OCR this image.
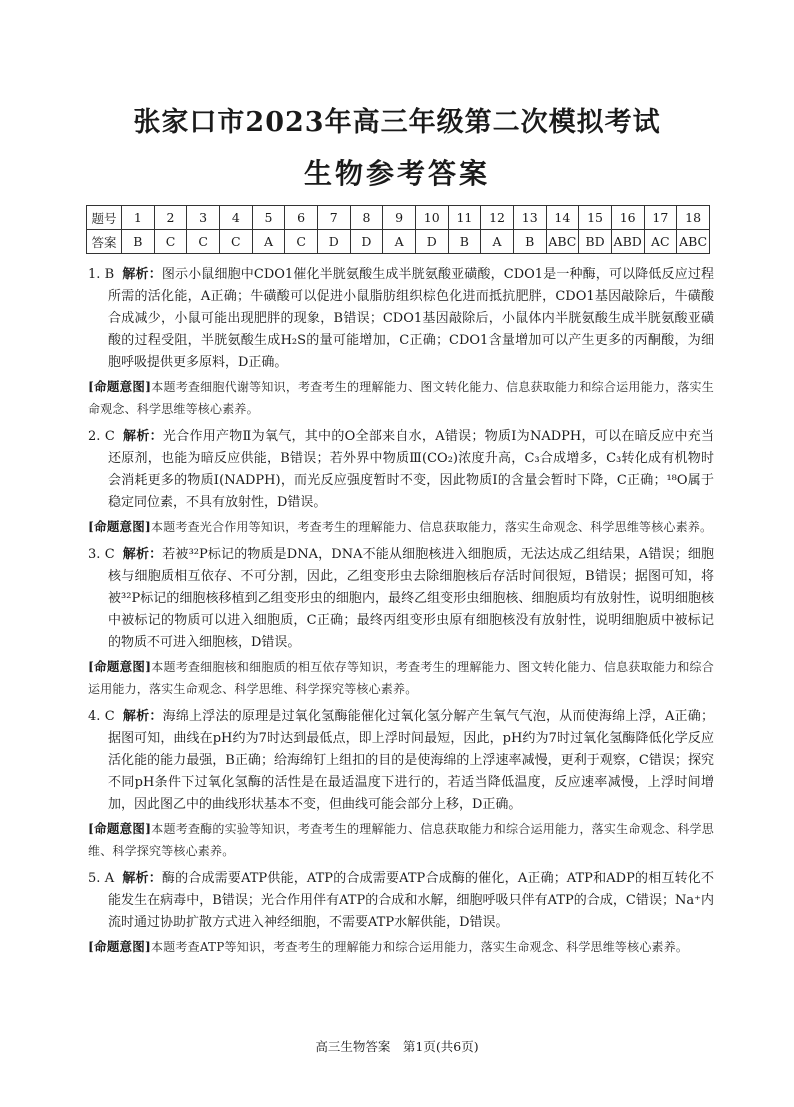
张家口市2023年高三年级第二次模拟考试
生物参考答案
题号	1	2	3	4	5	6	7	8	9	10	11	12	13	14	15	16	17	18
答案	B	C	C	C	A	C	D	D	A	D	B	A	B	ABC	BD	ABD	AC	ABC
1. B 解析：图示小鼠细胞中CDO1催化半胱氨酸生成半胱氨酸亚磺酸，CDO1是一种酶，可以降低反应过程所需的活化能，A正确；牛磺酸可以促进小鼠脂肪组织棕色化进而抵抗肥胖，CDO1基因敲除后，牛磺酸合成减少，小鼠可能出现肥胖的现象，B错误；CDO1基因敲除后，小鼠体内半胱氨酸生成半胱氨酸亚磺酸的过程受阻，半胱氨酸生成H₂S的量可能增加，C正确；CDO1含量增加可以产生更多的丙酮酸，为细胞呼吸提供更多原料，D正确。
[命题意图]本题考查细胞代谢等知识，考查考生的理解能力、图文转化能力、信息获取能力和综合运用能力，落实生命观念、科学思维等核心素养。
2. C 解析：光合作用产物Ⅱ为氧气，其中的O全部来自水，A错误；物质Ⅰ为NADPH，可以在暗反应中充当还原剂，也能为暗反应供能，B错误；若外界中物质Ⅲ(CO₂)浓度升高，C₃合成增多，C₃转化成有机物时会消耗更多的物质Ⅰ(NADPH)，而光反应强度暂时不变，因此物质Ⅰ的含量会暂时下降，C正确；¹⁸O属于稳定同位素，不具有放射性，D错误。
[命题意图]本题考查光合作用等知识，考查考生的理解能力、信息获取能力，落实生命观念、科学思维等核心素养。
3. C 解析：若被³²P标记的物质是DNA，DNA不能从细胞核进入细胞质，无法达成乙组结果，A错误；细胞核与细胞质相互依存、不可分割，因此，乙组变形虫去除细胞核后存活时间很短，B错误；据图可知，将被³²P标记的细胞核移植到乙组变形虫的细胞内，最终乙组变形虫细胞核、细胞质均有放射性，说明细胞核中被标记的物质可以进入细胞质，C正确；最终丙组变形虫原有细胞核没有放射性，说明细胞质中被标记的物质不可进入细胞核，D错误。
[命题意图]本题考查细胞核和细胞质的相互依存等知识，考查考生的理解能力、图文转化能力、信息获取能力和综合运用能力，落实生命观念、科学思维、科学探究等核心素养。
4. C 解析：海绵上浮法的原理是过氧化氢酶能催化过氧化氢分解产生氧气气泡，从而使海绵上浮，A正确；据图可知，曲线在pH约为7时达到最低点，即上浮时间最短，因此，pH约为7时过氧化氢酶降低化学反应活化能的能力最强，B正确；给海绵钉上组扣的目的是使海绵的上浮速率减慢，更利于观察，C错误；探究不同pH条件下过氧化氢酶的活性是在最适温度下进行的，若适当降低温度，反应速率减慢，上浮时间增加，因此图乙中的曲线形状基本不变，但曲线可能会部分上移，D正确。
[命题意图]本题考查酶的实验等知识，考查考生的理解能力、信息获取能力和综合运用能力，落实生命观念、科学思维、科学探究等核心素养。
5. A 解析：酶的合成需要ATP供能，ATP的合成需要ATP合成酶的催化，A正确；ATP和ADP的相互转化不能发生在病毒中，B错误；光合作用伴有ATP的合成和水解，细胞呼吸只伴有ATP的合成，C错误；Na⁺内流时通过协助扩散方式进入神经细胞，不需要ATP水解供能，D错误。
[命题意图]本题考查ATP等知识，考查考生的理解能力和综合运用能力，落实生命观念、科学思维等核心素养。
高三生物答案　第1页(共6页)
